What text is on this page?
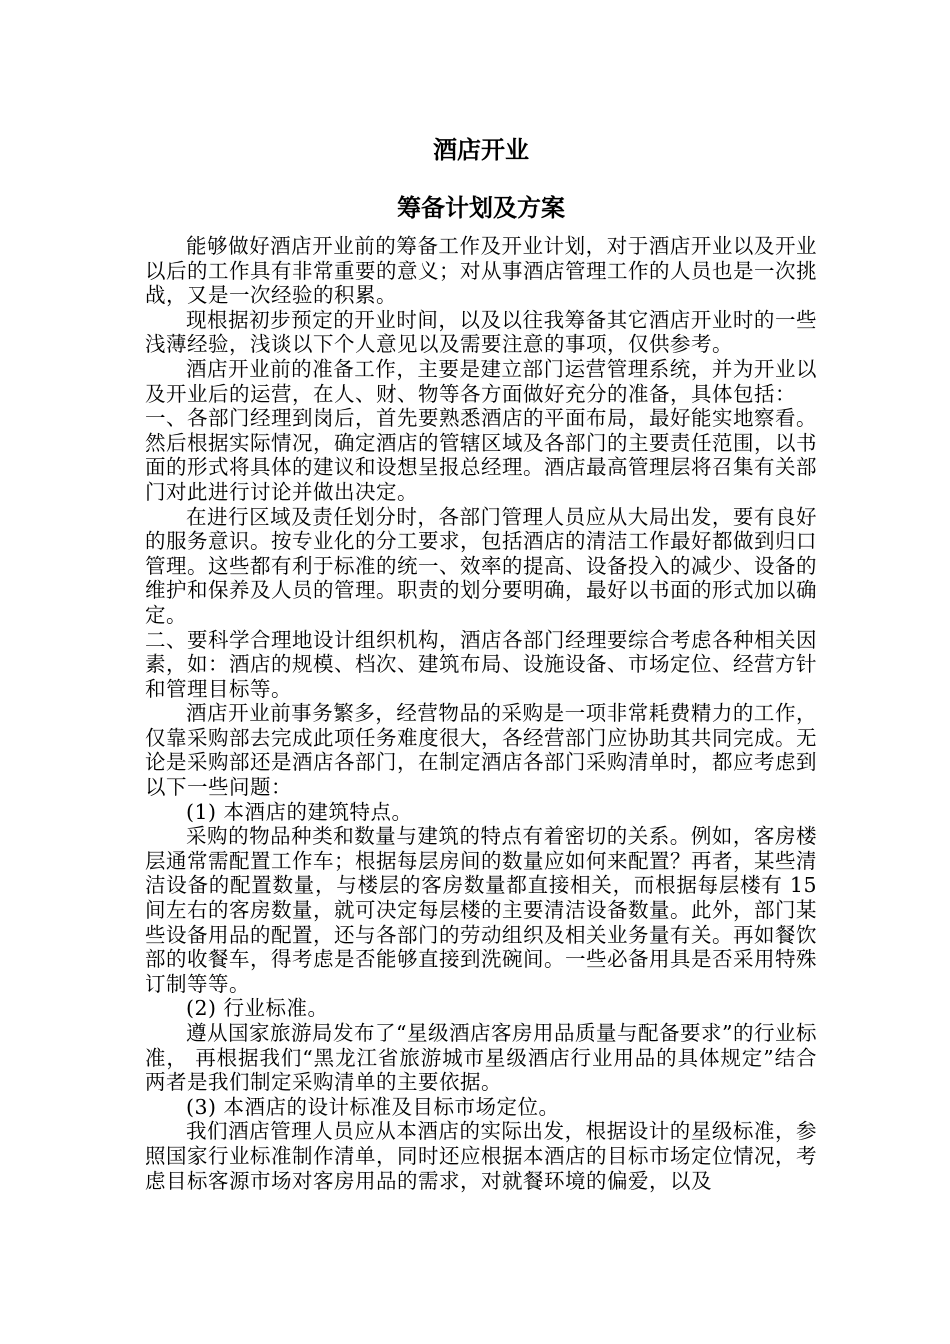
酒店开业
筹备计划及方案

能够做好酒店开业前的筹备工作及开业计划，对于酒店开业以及开业以后的工作具有非常重要的意义；对从事酒店管理工作的人员也是一次挑战，又是一次经验的积累。

现根据初步预定的开业时间，以及以往我筹备其它酒店开业时的一些浅薄经验，浅谈以下个人意见以及需要注意的事项，仅供参考。

酒店开业前的准备工作，主要是建立部门运营管理系统，并为开业以及开业后的运营，在人、财、物等各方面做好充分的准备，具体包括：

一、各部门经理到岗后，首先要熟悉酒店的平面布局，最好能实地察看。然后根据实际情况，确定酒店的管辖区域及各部门的主要责任范围，以书面的形式将具体的建议和设想呈报总经理。酒店最高管理层将召集有关部门对此进行讨论并做出决定。

在进行区域及责任划分时，各部门管理人员应从大局出发，要有良好的服务意识。按专业化的分工要求，包括酒店的清洁工作最好都做到归口管理。这些都有利于标准的统一、效率的提高、设备投入的减少、设备的维护和保养及人员的管理。职责的划分要明确，最好以书面的形式加以确定。

二、要科学合理地设计组织机构，酒店各部门经理要综合考虑各种相关因素，如：酒店的规模、档次、建筑布局、设施设备、市场定位、经营方针和管理目标等。

酒店开业前事务繁多，经营物品的采购是一项非常耗费精力的工作，仅靠采购部去完成此项任务难度很大，各经营部门应协助其共同完成。无论是采购部还是酒店各部门，在制定酒店各部门采购清单时，都应考虑到以下一些问题：

(1) 本酒店的建筑特点。

采购的物品种类和数量与建筑的特点有着密切的关系。例如，客房楼层通常需配置工作车；根据每层房间的数量应如何来配置？再者，某些清洁设备的配置数量，与楼层的客房数量都直接相关，而根据每层楼有 15 间左右的客房数量，就可决定每层楼的主要清洁设备数量。此外，部门某些设备用品的配置，还与各部门的劳动组织及相关业务量有关。再如餐饮部的收餐车，得考虑是否能够直接到洗碗间。一些必备用具是否采用特殊订制等等。

(2) 行业标准。

遵从国家旅游局发布了“星级酒店客房用品质量与配备要求”的行业标准， 再根据我们“黑龙江省旅游城市星级酒店行业用品的具体规定”结合两者是我们制定采购清单的主要依据。

(3) 本酒店的设计标准及目标市场定位。

我们酒店管理人员应从本酒店的实际出发，根据设计的星级标准，参照国家行业标准制作清单，同时还应根据本酒店的目标市场定位情况，考虑目标客源市场对客房用品的需求，对就餐环境的偏爱，以及
